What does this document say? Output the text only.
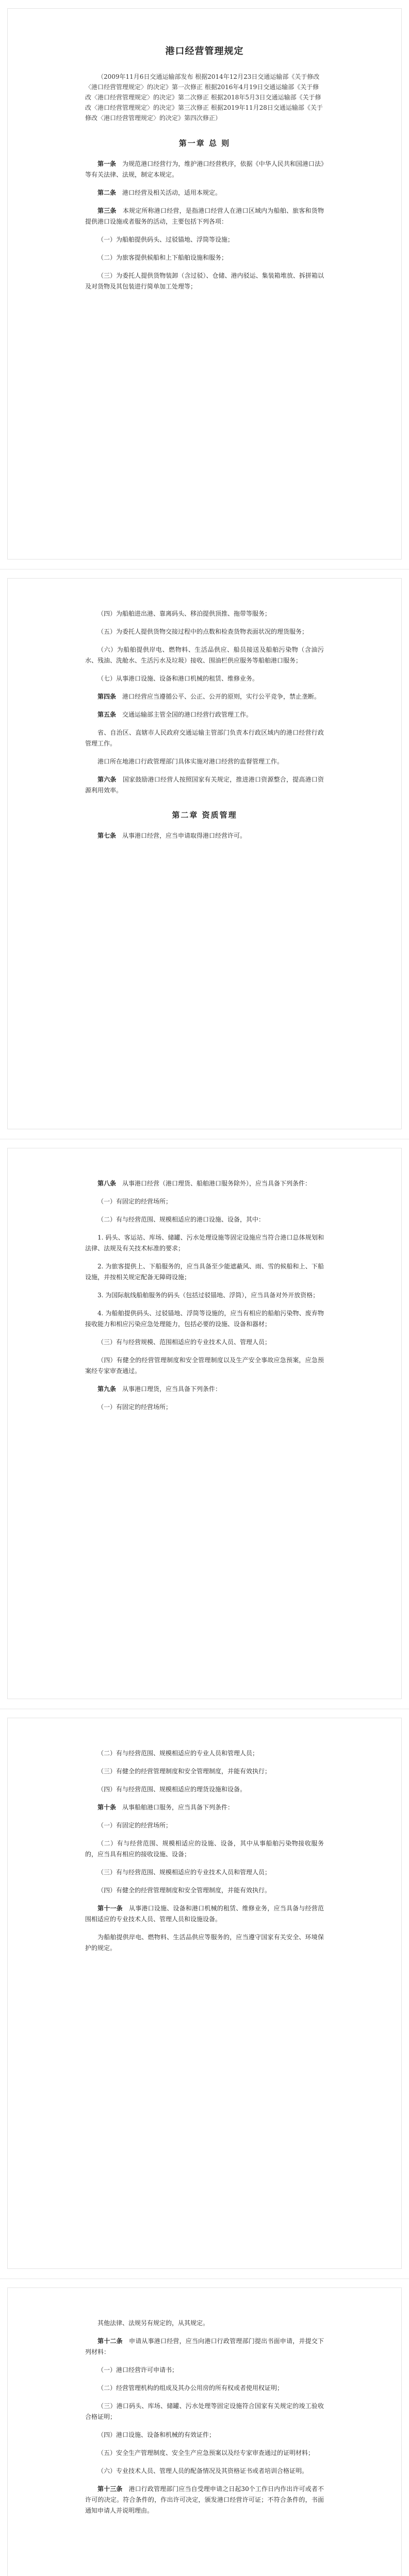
港口经营管理规定

（2009年11月6日交通运输部发布 根据2014年12月23日交通运输部《关于修改〈港口经营管理规定〉的决定》第一次修正 根据2016年4月19日交通运输部《关于修改〈港口经营管理规定〉的决定》第二次修正 根据2018年5月3日交通运输部《关于修改〈港口经营管理规定〉的决定》第三次修正 根据2019年11月28日交通运输部《关于修改〈港口经营管理规定〉的决定》第四次修正）

第一章 总 则

第一条　 为规范港口经营行为，维护港口经营秩序，依据《中华人民共和国港口法》等有关法律、法规，制定本规定。

第二条　 港口经营及相关活动，适用本规定。

第三条　 本规定所称港口经营，是指港口经营人在港口区域内为船舶、旅客和货物提供港口设施或者服务的活动，主要包括下列各项：

（一）为船舶提供码头、过驳锚地、浮筒等设施；

（二）为旅客提供候船和上下船舶设施和服务；

（三）为委托人提供货物装卸（含过驳）、仓储、港内驳运、集装箱堆放、拆拼箱以及对货物及其包装进行简单加工处理等；

（四）为船舶进出港、靠离码头、移泊提供顶推、拖带等服务；

（五）为委托人提供货物交接过程中的点数和检查货物表面状况的理货服务；

（六）为船舶提供岸电、燃物料、生活品供应、船员接送及船舶污染物（含油污水、残油、洗舱水、生活污水及垃圾）接收、围油栏供应服务等船舶港口服务；

（七）从事港口设施、设备和港口机械的租赁、维修业务。

第四条　 港口经营应当遵循公平、公正、公开的原则，实行公平竞争，禁止垄断。

第五条　 交通运输部主管全国的港口经营行政管理工作。

省、自治区、直辖市人民政府交通运输主管部门负责本行政区域内的港口经营行政管理工作。

港口所在地港口行政管理部门具体实施对港口经营的监督管理工作。

第六条　 国家鼓励港口经营人按照国家有关规定，推进港口资源整合，提高港口资源利用效率。

第二章 资质管理

第七条　 从事港口经营，应当申请取得港口经营许可。

第八条　 从事港口经营（港口理货、船舶港口服务除外），应当具备下列条件：

（一）有固定的经营场所；

（二）有与经营范围、规模相适应的港口设施、设备，其中：

1. 码头、客运站、库场、储罐、污水处理设施等固定设施应当符合港口总体规划和法律、法规及有关技术标准的要求；

2. 为旅客提供上、下船服务的，应当具备至少能遮蔽风、雨、雪的候船和上、下船设施，并按相关规定配备无障碍设施；

3. 为国际航线船舶服务的码头（包括过驳锚地、浮筒），应当具备对外开放资格；

4. 为船舶提供码头、过驳锚地、浮筒等设施的，应当有相应的船舶污染物、废弃物接收能力和相应污染应急处理能力，包括必要的设施、设备和器材；

（三）有与经营规模、范围相适应的专业技术人员、管理人员；

（四）有健全的经营管理制度和安全管理制度以及生产安全事故应急预案，应急预案经专家审查通过。

第九条　 从事港口理货，应当具备下列条件：

（一）有固定的经营场所；

（二）有与经营范围、规模相适应的专业人员和管理人员；

（三）有健全的经营管理制度和安全管理制度，并能有效执行；

（四）有与经营范围、规模相适应的理货设施和设备。

第十条　 从事船舶港口服务，应当具备下列条件：

（一）有固定的经营场所；

（二）有与经营范围、规模相适应的设施、设备，其中从事船舶污染物接收服务的，应当具有相应的接收设施、设备；

（三）有与经营范围、规模相适应的专业技术人员和管理人员；

（四）有健全的经营管理制度和安全管理制度，并能有效执行。

第十一条　 从事港口设施、设备和港口机械的租赁、维修业务，应当具备与经营范围相适应的专业技术人员、管理人员和设施设备。

为船舶提供岸电、燃物料、生活品供应等服务的，应当遵守国家有关安全、环境保护的规定。

其他法律、法规另有规定的，从其规定。

第十二条　 申请从事港口经营，应当向港口行政管理部门提出书面申请，并提交下列材料：

（一）港口经营许可申请书；

（二）经营管理机构的组成及其办公用房的所有权或者使用权证明；

（三）港口码头、库场、储罐、污水处理等固定设施符合国家有关规定的竣工验收合格证明；

（四）港口设施、设备和机械的有效证件；

（五）安全生产管理制度、安全生产应急预案以及经专家审查通过的证明材料；

（六）专业技术人员、管理人员的配备情况及其资格证书或者培训合格证明。

第十三条　 港口行政管理部门应当自受理申请之日起30个工作日内作出许可或者不许可的决定。符合条件的，作出许可决定，颁发港口经营许可证；不符合条件的，书面通知申请人并说明理由。
